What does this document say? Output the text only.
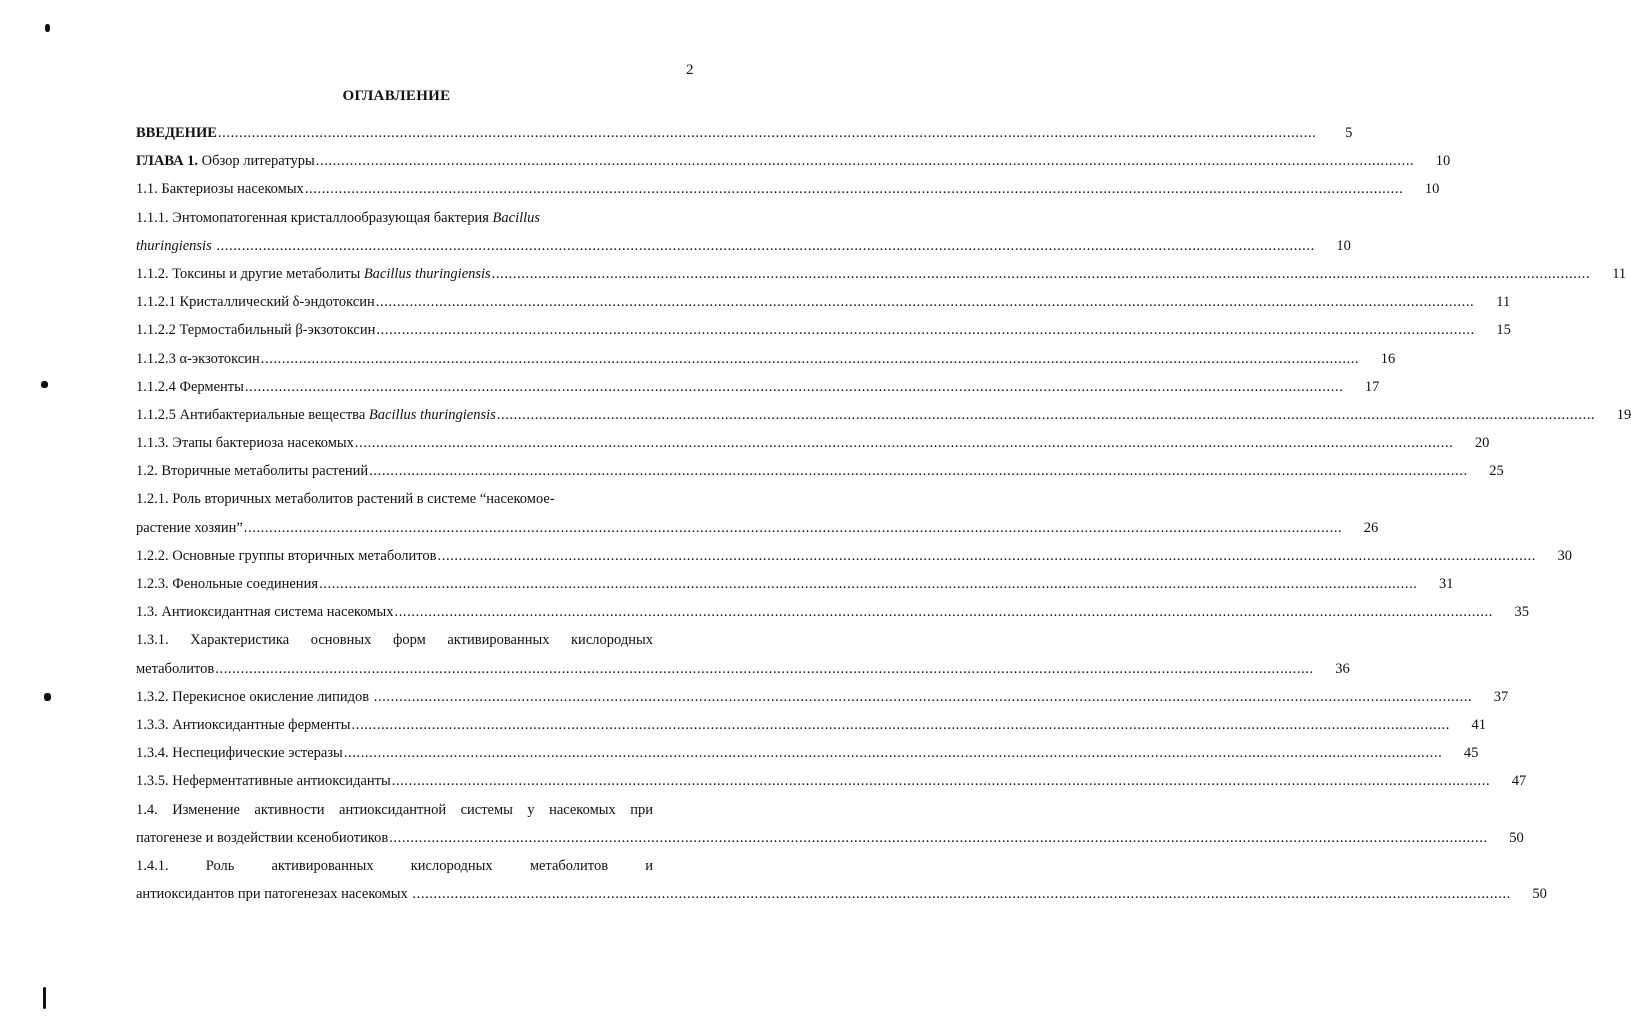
2
ОГЛАВЛЕНИЕ
ВВЕДЕНИЕ ....................................................................................................................................................................................................................................................................	5
ГЛАВА 1. Обзор литературы ....................................................................................................................................................................................................................................................................	10
1.1. Бактериозы насекомых ....................................................................................................................................................................................................................................................................	10
1.1.1. Энтомопатогенная кристаллообразующая бактерия Bacillus
thuringiensis ....................................................................................................................................................................................................................................................................	10
1.1.2. Токсины и другие метаболиты Bacillus thuringiensis ....................................................................................................................................................................................................................................................................	11
1.1.2.1 Кристаллический δ-эндотоксин ....................................................................................................................................................................................................................................................................	11
1.1.2.2 Термостабильный β-экзотоксин ....................................................................................................................................................................................................................................................................	15
1.1.2.3 α-экзотоксин ....................................................................................................................................................................................................................................................................	16
1.1.2.4 Ферменты ....................................................................................................................................................................................................................................................................	17
1.1.2.5 Антибактериальные вещества Bacillus thuringiensis ....................................................................................................................................................................................................................................................................	19
1.1.3. Этапы бактериоза насекомых ....................................................................................................................................................................................................................................................................	20
1.2. Вторичные метаболиты растений ....................................................................................................................................................................................................................................................................	25
1.2.1. Роль вторичных метаболитов растений в системе “насекомое-
растение хозяин” ....................................................................................................................................................................................................................................................................	26
1.2.2. Основные группы вторичных метаболитов ....................................................................................................................................................................................................................................................................	30
1.2.3. Фенольные соединения ....................................................................................................................................................................................................................................................................	31
1.3. Антиоксидантная система насекомых ....................................................................................................................................................................................................................................................................	35
1.3.1. Характеристика основных форм активированных кислородных
метаболитов ....................................................................................................................................................................................................................................................................	36
1.3.2. Перекисное окисление липидов ....................................................................................................................................................................................................................................................................	37
1.3.3. Антиоксидантные ферменты ....................................................................................................................................................................................................................................................................	41
1.3.4. Неспецифические эстеразы ....................................................................................................................................................................................................................................................................	45
1.3.5. Неферментативные антиоксиданты ....................................................................................................................................................................................................................................................................	47
1.4. Изменение активности антиоксидантной системы у насекомых при
патогенезе и воздействии ксенобиотиков ....................................................................................................................................................................................................................................................................	50
1.4.1.	Роль	активированных	кислородных	метаболитов	и
антиоксидантов при патогенезах насекомых ....................................................................................................................................................................................................................................................................	50
